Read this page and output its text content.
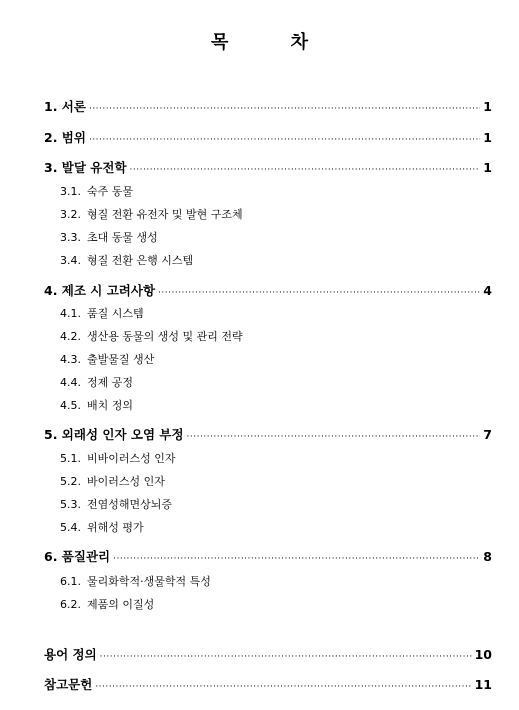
목 차
1. 서론 ·····	1
2. 범위 ·····	1
3. 발달 유전학 ·····	1
3.1. 숙주 동물
3.2. 형질 전환 유전자 및 발현 구조체
3.3. 초대 동물 생성
3.4. 형질 전환 은행 시스템
4. 제조 시 고려사항 ·····	4
4.1. 품질 시스템
4.2. 생산용 동물의 생성 및 관리 전략
4.3. 출발물질 생산
4.4. 정제 공정
4.5. 배치 정의
5. 외래성 인자 오염 부정 ·····	7
5.1. 비바이러스성 인자
5.2. 바이러스성 인자
5.3. 전염성해면상뇌증
5.4. 위해성 평가
6. 품질관리 ·····	8
6.1. 물리화학적·생물학적 특성
6.2. 제품의 이질성
용어 정의 ·····	10
참고문헌 ·····	11
